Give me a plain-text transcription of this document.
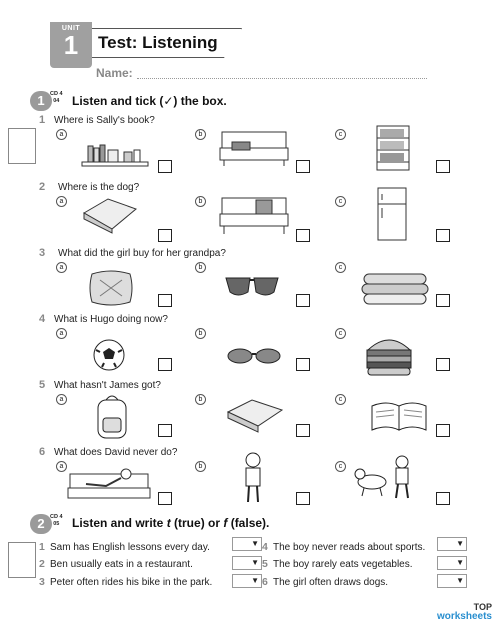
UNIT
1	Test: Listening
Name:
1 CD 4
04 Listen and tick (✓) the box.
1 Where is Sally's book?
a	b	c
2 Where is the dog?
a	b	c
3 What did the girl buy for her grandpa?
a	b	c
4 What is Hugo doing now?
a	b	c
5 What hasn't James got?
a	b	c
6 What does David never do?
a	b	c
2 CD 4
05 Listen and write t (true) or f (false).
1 Sam has English lessons every day.	▼
2 Ben usually eats in a restaurant.	▼
3 Peter often rides his bike in the park.	▼
4 The boy never reads about sports.	▼
5 The boy rarely eats vegetables.	▼
6 The girl often draws dogs.	▼
TOP
worksheets
